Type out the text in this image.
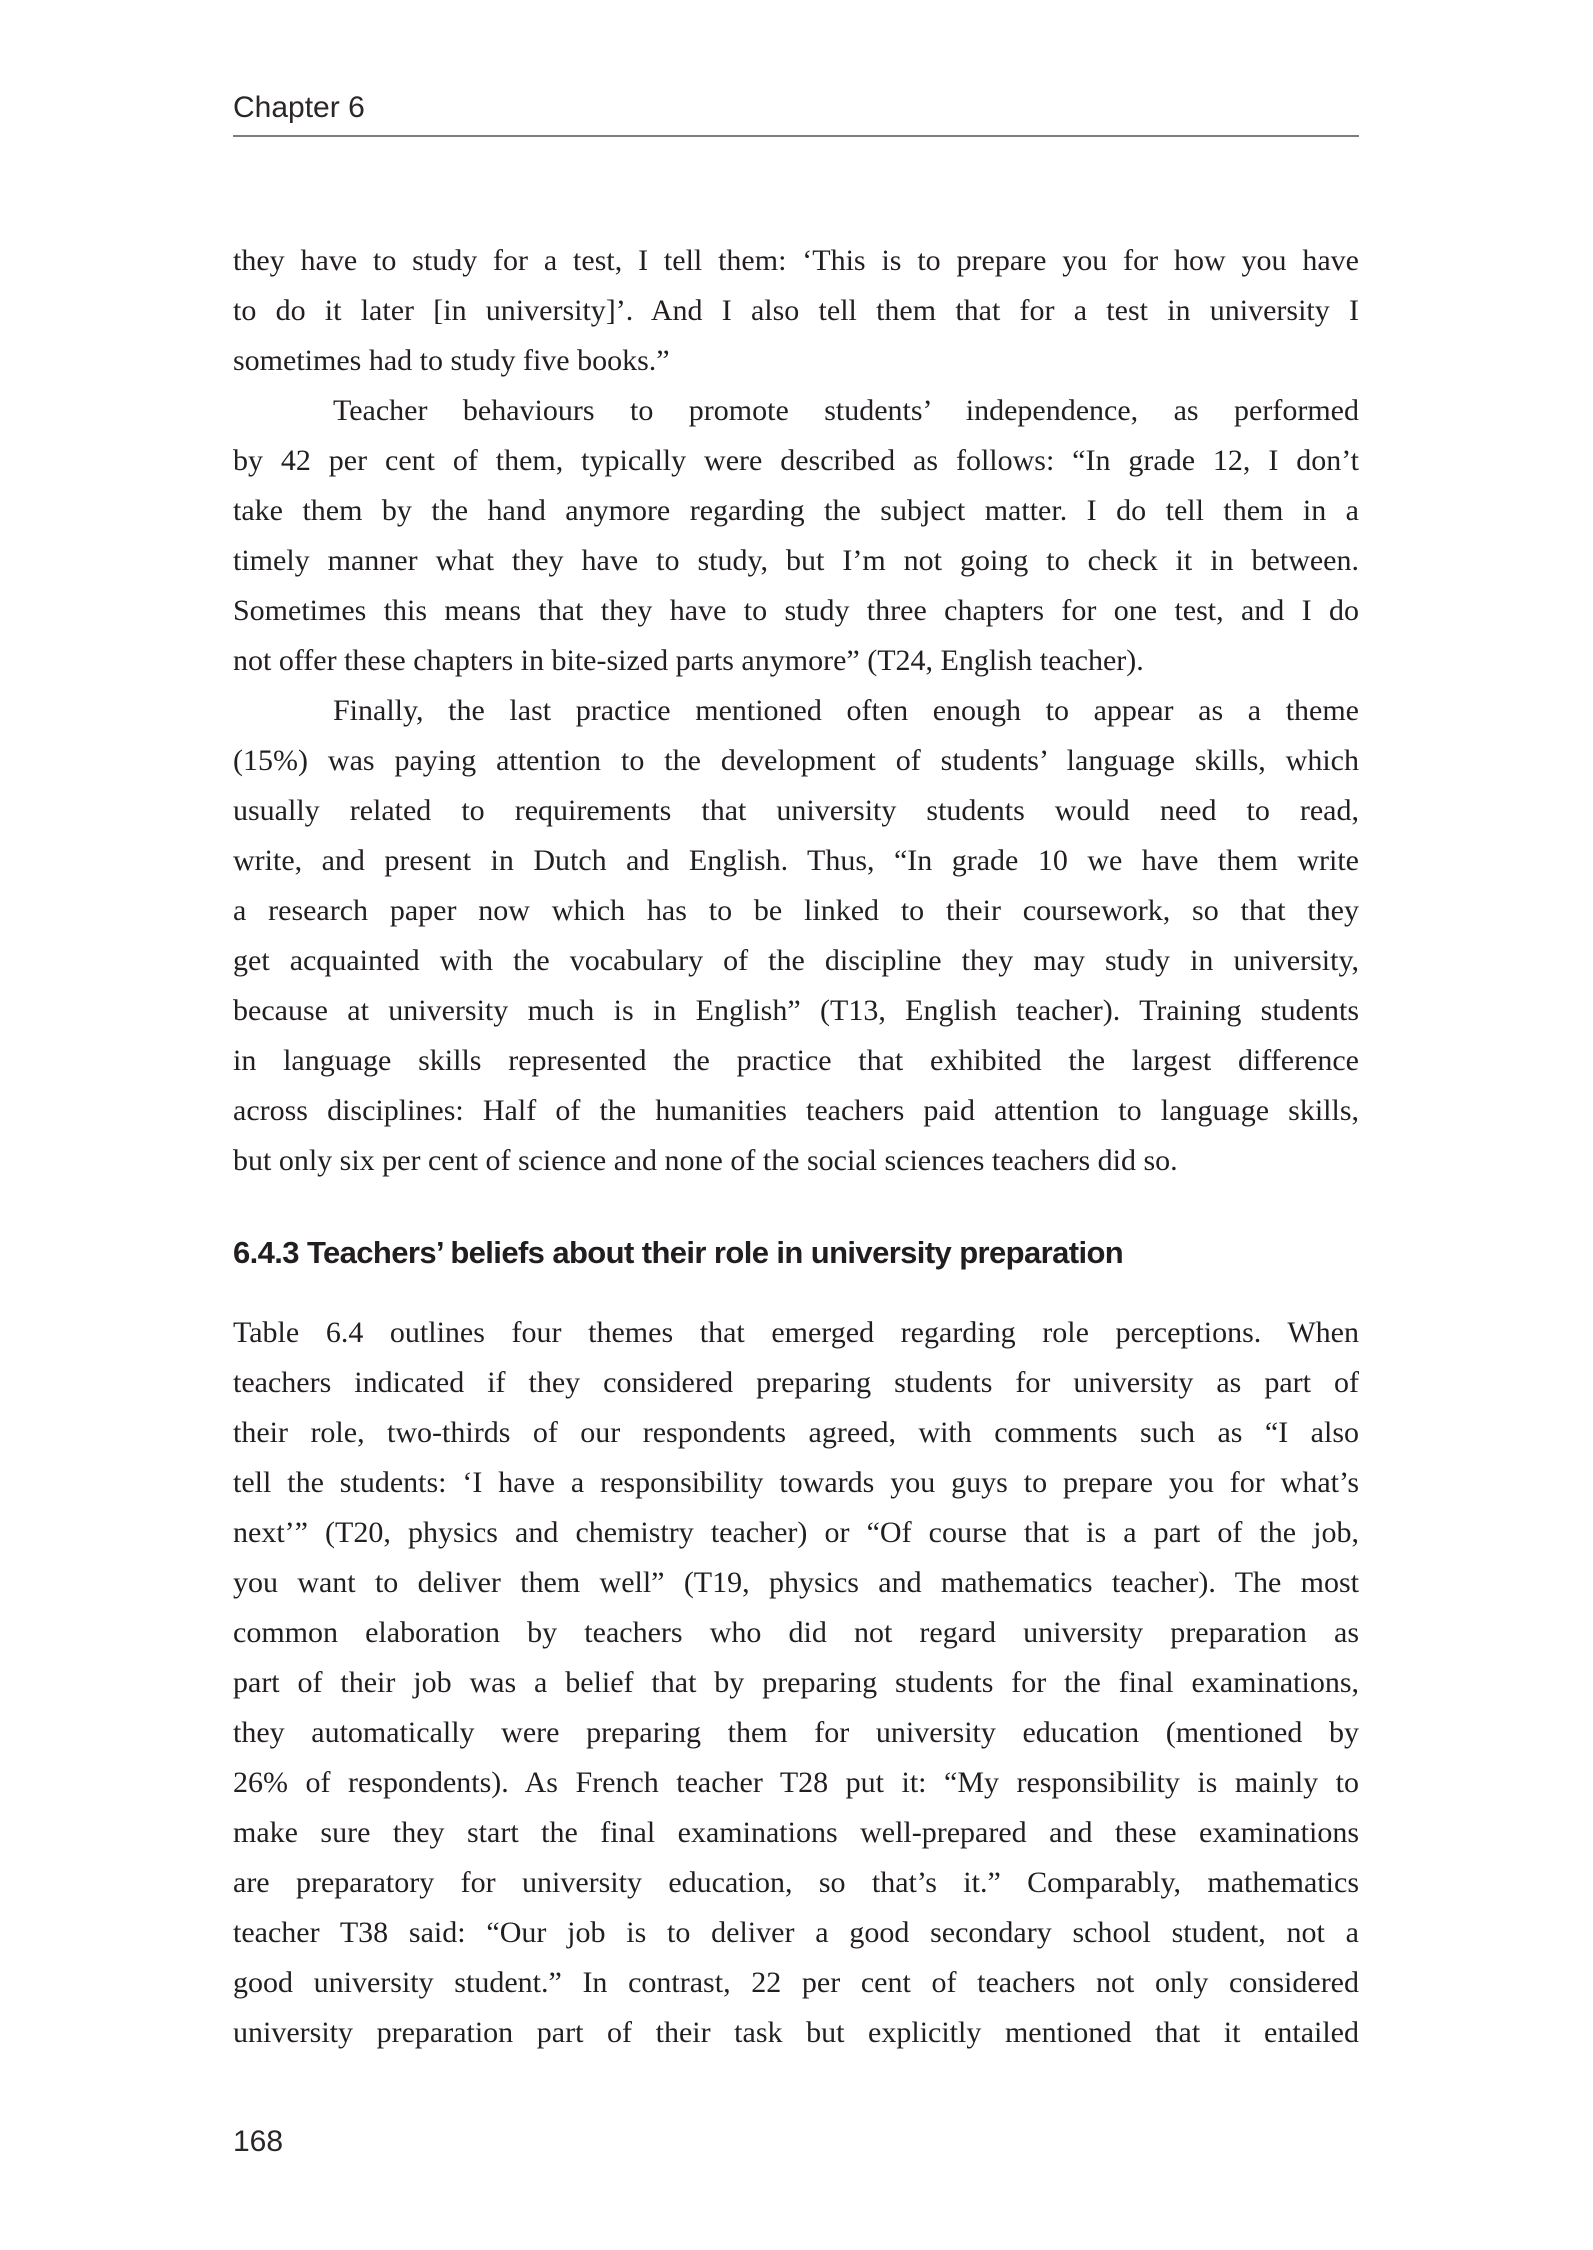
Chapter 6
they have to study for a test, I tell them: ‘This is to prepare you for how you have
to do it later [in university]’. And I also tell them that for a test in university I
sometimes had to study five books.”
Teacher behaviours to promote students’ independence, as performed
by 42 per cent of them, typically were described as follows: “In grade 12, I don’t
take them by the hand anymore regarding the subject matter. I do tell them in a
timely manner what they have to study, but I’m not going to check it in between.
Sometimes this means that they have to study three chapters for one test, and I do
not offer these chapters in bite-sized parts anymore” (T24, English teacher).
Finally, the last practice mentioned often enough to appear as a theme
(15%) was paying attention to the development of students’ language skills, which
usually related to requirements that university students would need to read,
write, and present in Dutch and English. Thus, “In grade 10 we have them write
a research paper now which has to be linked to their coursework, so that they
get acquainted with the vocabulary of the discipline they may study in university,
because at university much is in English” (T13, English teacher). Training students
in language skills represented the practice that exhibited the largest difference
across disciplines: Half of the humanities teachers paid attention to language skills,
but only six per cent of science and none of the social sciences teachers did so.
6.4.3 Teachers’ beliefs about their role in university preparation
Table 6.4 outlines four themes that emerged regarding role perceptions. When
teachers indicated if they considered preparing students for university as part of
their role, two-thirds of our respondents agreed, with comments such as “I also
tell the students: ‘I have a responsibility towards you guys to prepare you for what’s
next’” (T20, physics and chemistry teacher) or “Of course that is a part of the job,
you want to deliver them well” (T19, physics and mathematics teacher). The most
common elaboration by teachers who did not regard university preparation as
part of their job was a belief that by preparing students for the final examinations,
they automatically were preparing them for university education (mentioned by
26% of respondents). As French teacher T28 put it: “My responsibility is mainly to
make sure they start the final examinations well-prepared and these examinations
are preparatory for university education, so that’s it.” Comparably, mathematics
teacher T38 said: “Our job is to deliver a good secondary school student, not a
good university student.” In contrast, 22 per cent of teachers not only considered
university preparation part of their task but explicitly mentioned that it entailed
168
